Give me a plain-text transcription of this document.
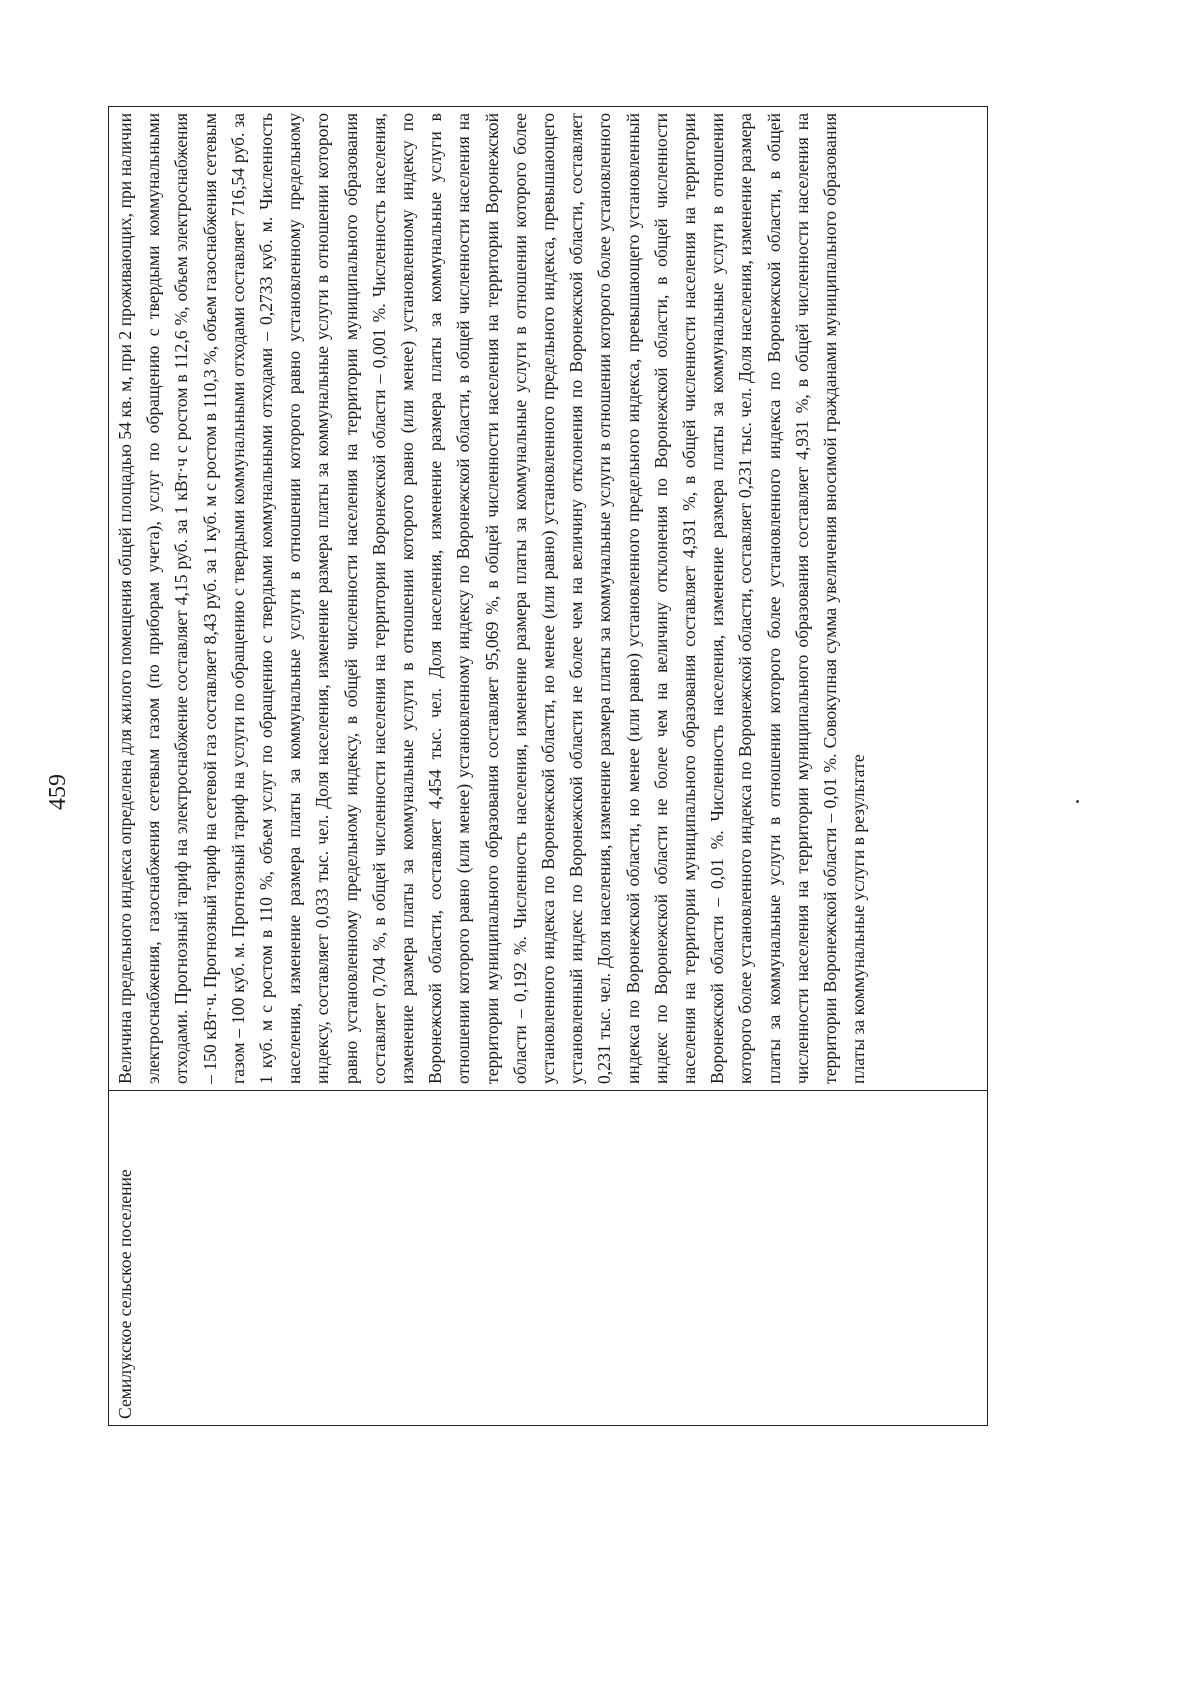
459
Семилукское сельское поселение	Величина предельного индекса определена для жилого помещения общей площадью 54 кв. м, при 2 проживающих, при наличии электроснабжения, газоснабжения сетевым газом (по приборам учета), услуг по обращению с твердыми коммунальными отходами. Прогнозный тариф на электроснабжение составляет 4,15 руб. за 1 кВт·ч с ростом в 112,6 %, объем электроснабжения – 150 кВт·ч. Прогнозный тариф на сетевой газ составляет 8,43 руб. за 1 куб. м с ростом в 110,3 %, объем газоснабжения сетевым газом – 100 куб. м. Прогнозный тариф на услуги по обращению с твердыми коммунальными отходами составляет 716,54 руб. за 1 куб. м с ростом в 110 %, объем услуг по обращению с твердыми коммунальными отходами – 0,2733 куб. м. Численность населения, изменение размера платы за коммунальные услуги в отношении которого равно установленному предельному индексу, составляет 0,033 тыс. чел. Доля населения, изменение размера платы за коммунальные услуги в отношении которого равно установленному предельному индексу, в общей численности населения на территории муниципального образования составляет 0,704 %, в общей численности населения на территории Воронежской области – 0,001 %. Численность населения, изменение размера платы за коммунальные услуги в отношении которого равно (или менее) установленному индексу по Воронежской области, составляет 4,454 тыс. чел. Доля населения, изменение размера платы за коммунальные услуги в отношении которого равно (или менее) установленному индексу по Воронежской области, в общей численности населения на территории муниципального образования составляет 95,069 %, в общей численности населения на территории Воронежской области – 0,192 %. Численность населения, изменение размера платы за коммунальные услуги в отношении которого более установленного индекса по Воронежской области, но менее (или равно) установленного предельного индекса, превышающего установленный индекс по Воронежской области не более чем на величину отклонения по Воронежской области, составляет 0,231 тыс. чел. Доля населения, изменение размера платы за коммунальные услуги в отношении которого более установленного индекса по Воронежской области, но менее (или равно) установленного предельного индекса, превышающего установленный индекс по Воронежской области не более чем на величину отклонения по Воронежской области, в общей численности населения на территории муниципального образования составляет 4,931 %, в общей численности населения на территории Воронежской области – 0,01 %. Численность населения, изменение размера платы за коммунальные услуги в отношении которого более установленного индекса по Воронежской области, составляет 0,231 тыс. чел. Доля населения, изменение размера платы за коммунальные услуги в отношении которого более установленного индекса по Воронежской области, в общей численности населения на территории муниципального образования составляет 4,931 %, в общей численности населения на территории Воронежской области – 0,01 %. Совокупная сумма увеличения вносимой гражданами муниципального образования платы за коммунальные услуги в результате
